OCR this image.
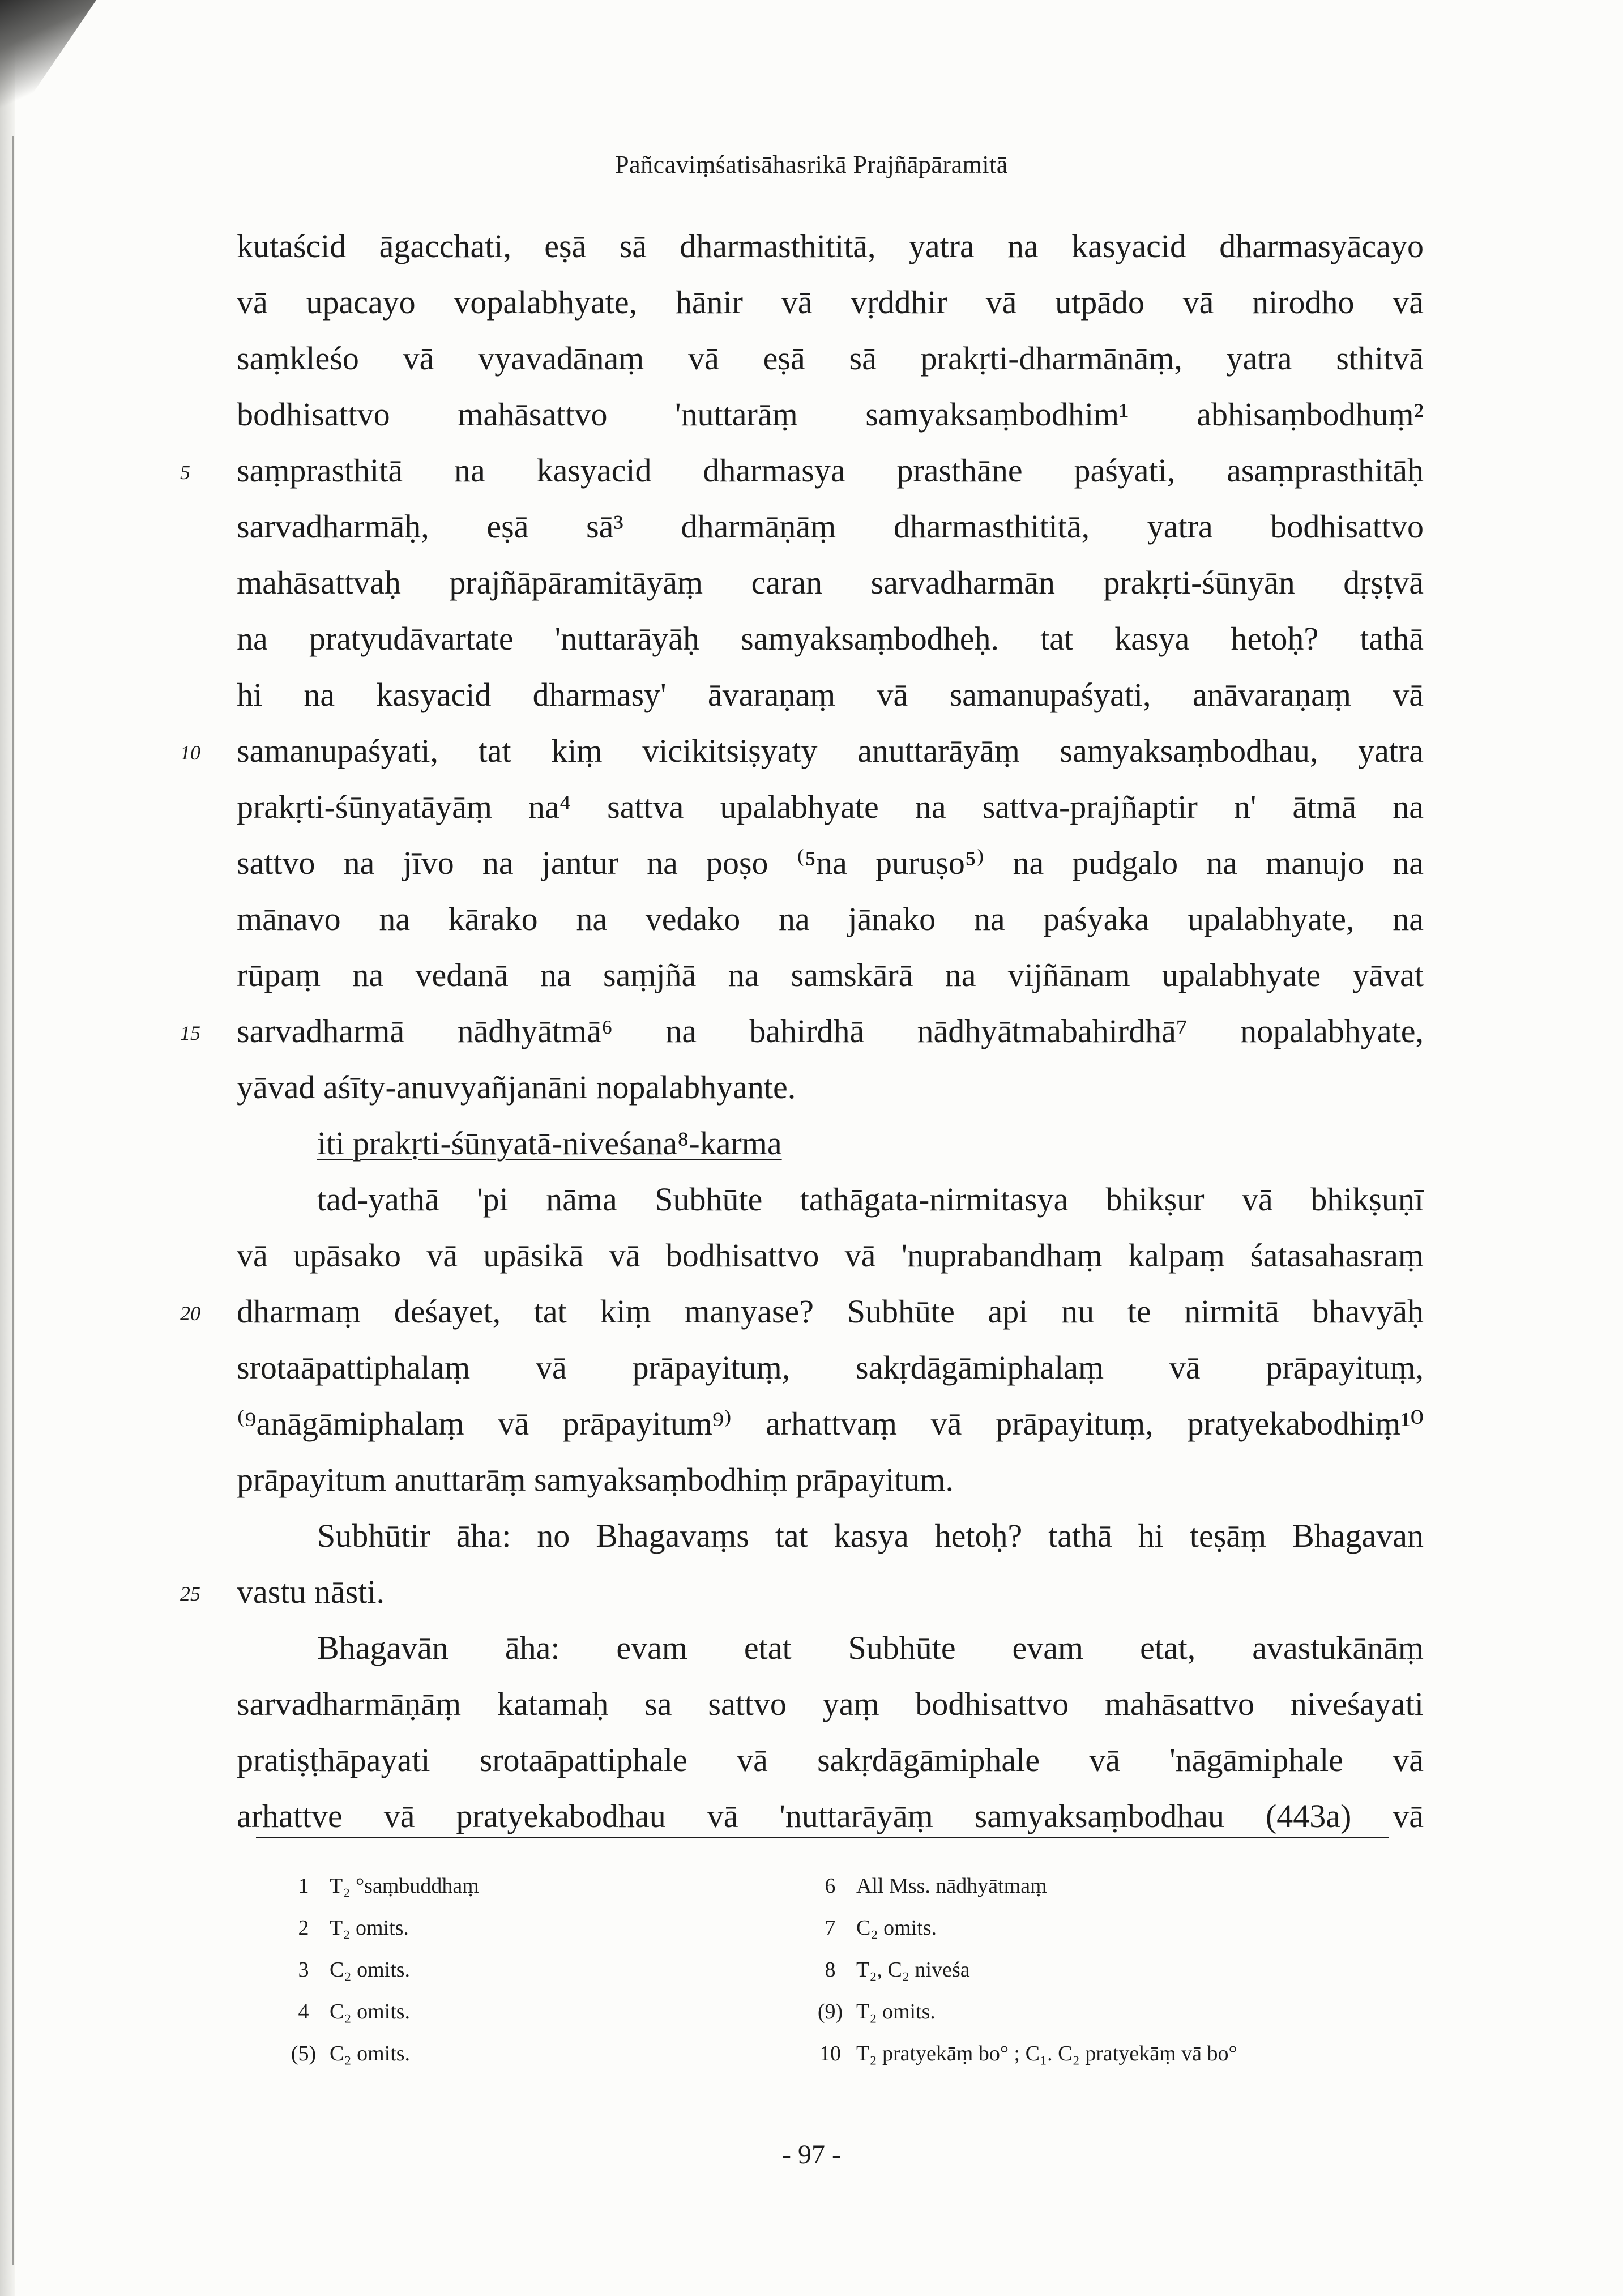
Pañcaviṃśatisāhasrikā Prajñāpāramitā
kutaścid āgacchati, eṣā sā dharmasthititā, yatra na kasyacid dharmasyācayo
vā upacayo vopalabhyate, hānir vā vṛddhir vā utpādo vā nirodho vā
saṃkleśo vā vyavadānaṃ vā eṣā sā prakṛti-dharmānāṃ, yatra sthitvā
bodhisattvo mahāsattvo 'nuttarāṃ samyaksaṃbodhim¹ abhisaṃbodhuṃ²
5	saṃprasthitā na kasyacid dharmasya prasthāne paśyati, asaṃprasthitāḥ
sarvadharmāḥ, eṣā sā³ dharmāṇāṃ dharmasthititā, yatra bodhisattvo
mahāsattvaḥ prajñāpāramitāyāṃ caran sarvadharmān prakṛti-śūnyān dṛṣṭvā
na pratyudāvartate 'nuttarāyāḥ samyaksaṃbodheḥ. tat kasya hetoḥ? tathā
hi na kasyacid dharmasy' āvaraṇaṃ vā samanupaśyati, anāvaraṇaṃ vā
10	samanupaśyati, tat kiṃ vicikitsiṣyaty anuttarāyāṃ samyaksaṃbodhau, yatra
prakṛti-śūnyatāyāṃ na⁴ sattva upalabhyate na sattva-prajñaptir n' ātmā na
sattvo na jīvo na jantur na poṣo ⁽⁵na puruṣo⁵⁾ na pudgalo na manujo na
mānavo na kārako na vedako na jānako na paśyaka upalabhyate, na
rūpaṃ na vedanā na saṃjñā na samskārā na vijñānam upalabhyate yāvat
15	sarvadharmā nādhyātmā⁶ na bahirdhā nādhyātmabahirdhā⁷ nopalabhyate,
yāvad aśīty-anuvyañjanāni nopalabhyante.
iti prakṛti-śūnyatā-niveśana⁸-karma
tad-yathā 'pi nāma Subhūte tathāgata-nirmitasya bhikṣur vā bhikṣuṇī
vā upāsako vā upāsikā vā bodhisattvo vā 'nuprabandhaṃ kalpaṃ śatasahasraṃ
20	dharmaṃ deśayet, tat kiṃ manyase? Subhūte api nu te nirmitā bhavyāḥ
srotaāpattiphalaṃ vā prāpayituṃ, sakṛdāgāmiphalaṃ vā prāpayituṃ,
⁽⁹anāgāmiphalaṃ vā prāpayitum⁹⁾ arhattvaṃ vā prāpayituṃ, pratyekabodhiṃ¹⁰
prāpayitum anuttarāṃ samyaksaṃbodhiṃ prāpayitum.
Subhūtir āha: no Bhagavaṃs tat kasya hetoḥ? tathā hi teṣāṃ Bhagavan
25	vastu nāsti.
Bhagavān āha: evam etat Subhūte evam etat, avastukānāṃ
sarvadharmāṇāṃ katamaḥ sa sattvo yaṃ bodhisattvo mahāsattvo niveśayati
pratiṣṭhāpayati srotaāpattiphale vā sakṛdāgāmiphale vā 'nāgāmiphale vā
arhattve vā pratyekabodhau vā 'nuttarāyāṃ samyaksaṃbodhau (443a) vā
1 T₂ °saṃbuddhaṃ
2 T₂ omits.
3 C₂ omits.
4 C₂ omits.
(5) C₂ omits.
6 All Mss. nādhyātmaṃ
7 C₂ omits.
8 T₂, C₂ niveśa
(9) T₂ omits.
10 T₂ pratyekāṃ bo° ; C₁. C₂ pratyekāṃ vā bo°
- 97 -
